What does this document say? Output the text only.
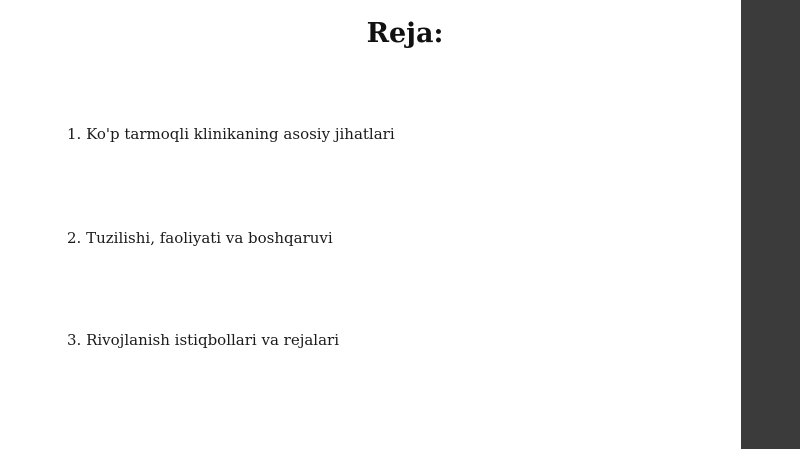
Reja:
1. Ko'p tarmoqli klinikaning asosiy jihatlari
2. Tuzilishi, faoliyati va boshqaruvi
3. Rivojlanish istiqbollari va rejalari
